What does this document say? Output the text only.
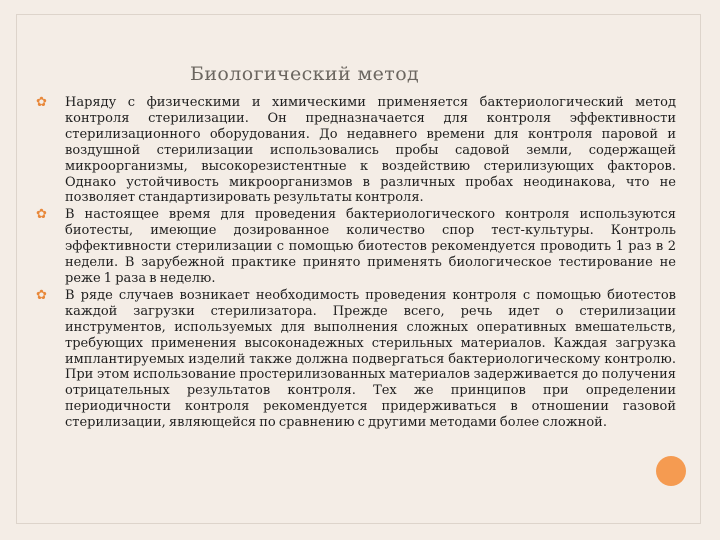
Биологический метод
✿ Наряду с физическими и химическими применяется бактериологический метод контроля стерилизации. Он предназначается для контроля эффективности стерилизационного оборудования. До недавнего времени для контроля паровой и воздушной стерилизации использовались пробы садовой земли, содержащей микроорганизмы, высокорезистентные к воздействию стерилизующих факторов. Однако устойчивость микроорганизмов в различных пробах неодинакова, что не позволяет стандартизировать результаты контроля.
✿ В настоящее время для проведения бактериологического контроля используются биотесты, имеющие дозированное количество спор тест-культуры. Контроль эффективности стерилизации с помощью биотестов рекомендуется проводить 1 раз в 2 недели. В зарубежной практике принято применять биологическое тестирование не реже 1 раза в неделю.
✿ В ряде случаев возникает необходимость проведения контроля с помощью биотестов каждой загрузки стерилизатора. Прежде всего, речь идет о стерилизации инструментов, используемых для выполнения сложных оперативных вмешательств, требующих применения высоконадежных стерильных материалов. Каждая загрузка имплантируемых изделий также должна подвергаться бактериологическому контролю. При этом использование простерилизованных материалов задерживается до получения отрицательных результатов контроля. Тех же принципов при определении периодичности контроля рекомендуется придерживаться в отношении газовой стерилизации, являющейся по сравнению с другими методами более сложной.
